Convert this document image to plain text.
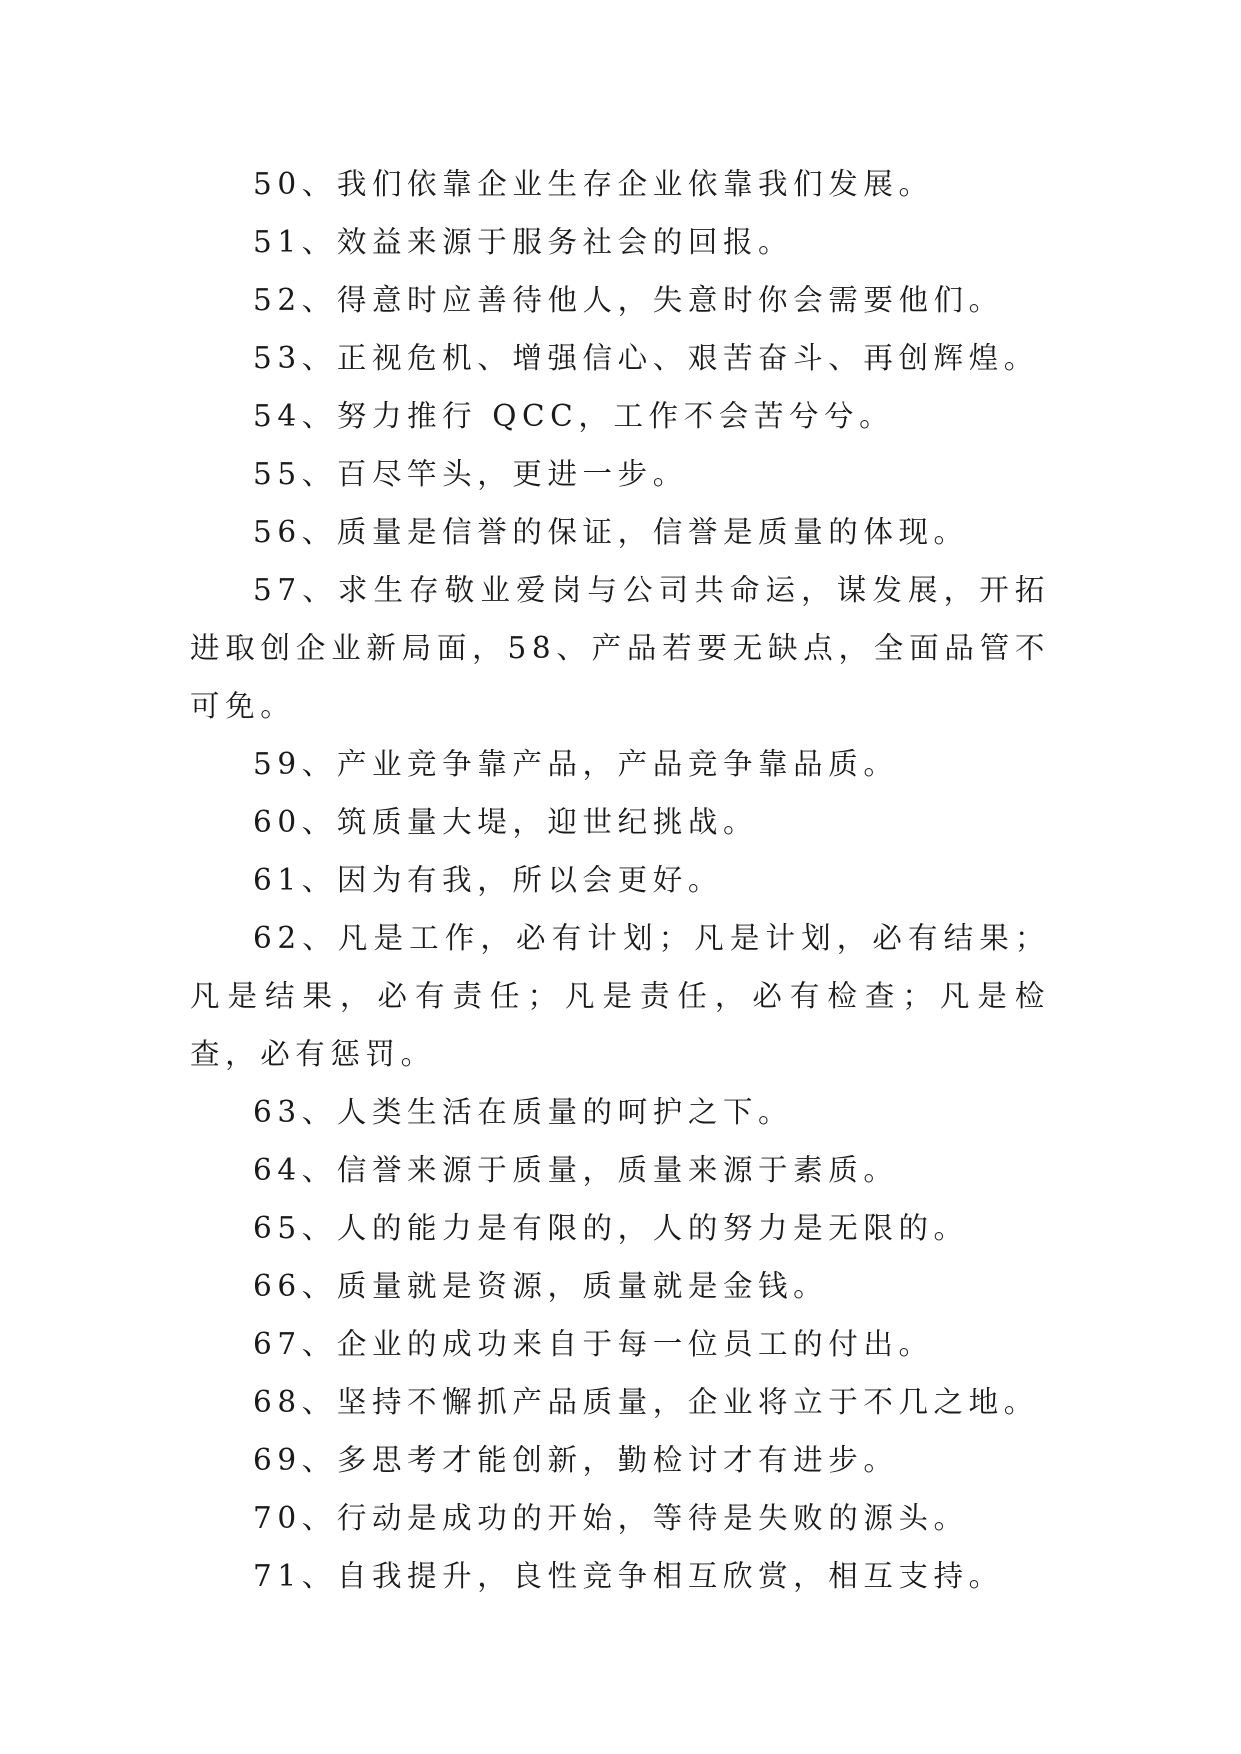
50、我们依靠企业生存企业依靠我们发展。

51、效益来源于服务社会的回报。

52、得意时应善待他人，失意时你会需要他们。

53、正视危机、增强信心、艰苦奋斗、再创辉煌。

54、努力推行 QCC，工作不会苦兮兮。

55、百尽竿头，更进一步。

56、质量是信誉的保证，信誉是质量的体现。

57、求生存敬业爱岗与公司共命运，谋发展，开拓进取创企业新局面，58、产品若要无缺点，全面品管不可免。

59、产业竞争靠产品，产品竞争靠品质。

60、筑质量大堤，迎世纪挑战。

61、因为有我，所以会更好。

62、凡是工作，必有计划；凡是计划，必有结果；凡是结果，必有责任；凡是责任，必有检查；凡是检查，必有惩罚。

63、人类生活在质量的呵护之下。

64、信誉来源于质量，质量来源于素质。

65、人的能力是有限的，人的努力是无限的。

66、质量就是资源，质量就是金钱。

67、企业的成功来自于每一位员工的付出。

68、坚持不懈抓产品质量，企业将立于不几之地。

69、多思考才能创新，勤检讨才有进步。

70、行动是成功的开始，等待是失败的源头。

71、自我提升，良性竞争相互欣赏，相互支持。
